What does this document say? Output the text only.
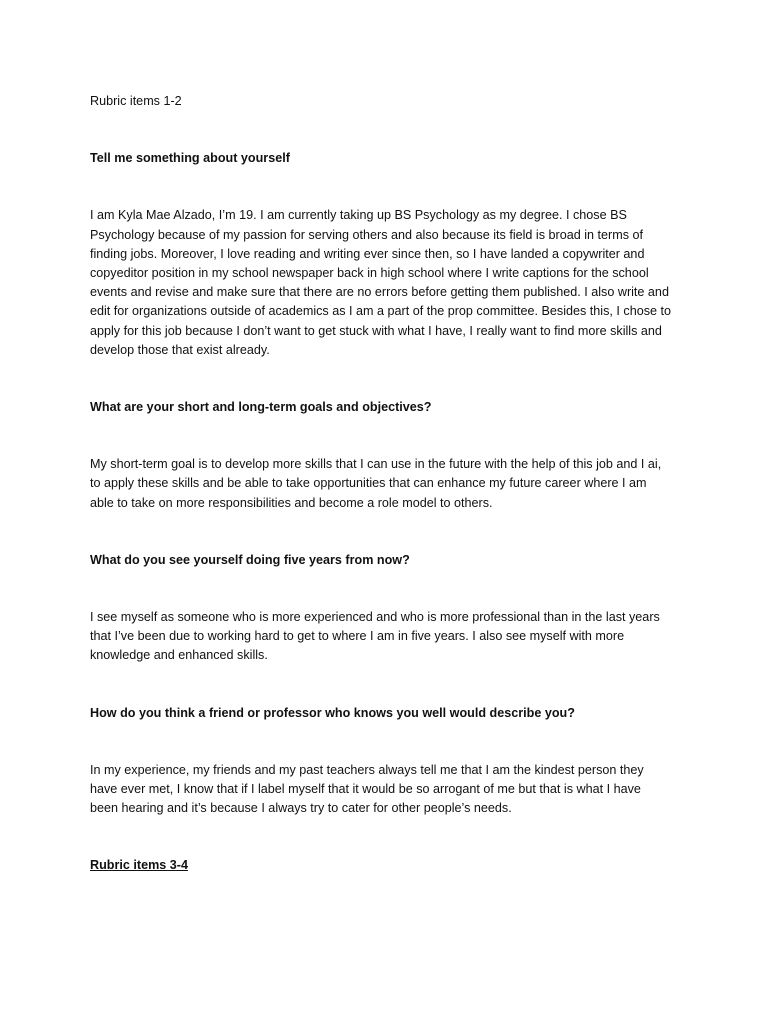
Rubric items 1-2

Tell me something about yourself

I am Kyla Mae Alzado, I’m 19. I am currently taking up BS Psychology as my degree. I chose BS
Psychology because of my passion for serving others and also because its field is broad in terms of
finding jobs. Moreover, I love reading and writing ever since then, so I have landed a copywriter and
copyeditor position in my school newspaper back in high school where I write captions for the school
events and revise and make sure that there are no errors before getting them published. I also write and
edit for organizations outside of academics as I am a part of the prop committee. Besides this, I chose to
apply for this job because I don’t want to get stuck with what I have, I really want to find more skills and
develop those that exist already.

What are your short and long-term goals and objectives?

My short-term goal is to develop more skills that I can use in the future with the help of this job and I ai,
to apply these skills and be able to take opportunities that can enhance my future career where I am
able to take on more responsibilities and become a role model to others.

What do you see yourself doing five years from now?

I see myself as someone who is more experienced and who is more professional than in the last years
that I’ve been due to working hard to get to where I am in five years. I also see myself with more
knowledge and enhanced skills.

How do you think a friend or professor who knows you well would describe you?

In my experience, my friends and my past teachers always tell me that I am the kindest person they
have ever met, I know that if I label myself that it would be so arrogant of me but that is what I have
been hearing and it’s because I always try to cater for other people’s needs.

Rubric items 3-4
